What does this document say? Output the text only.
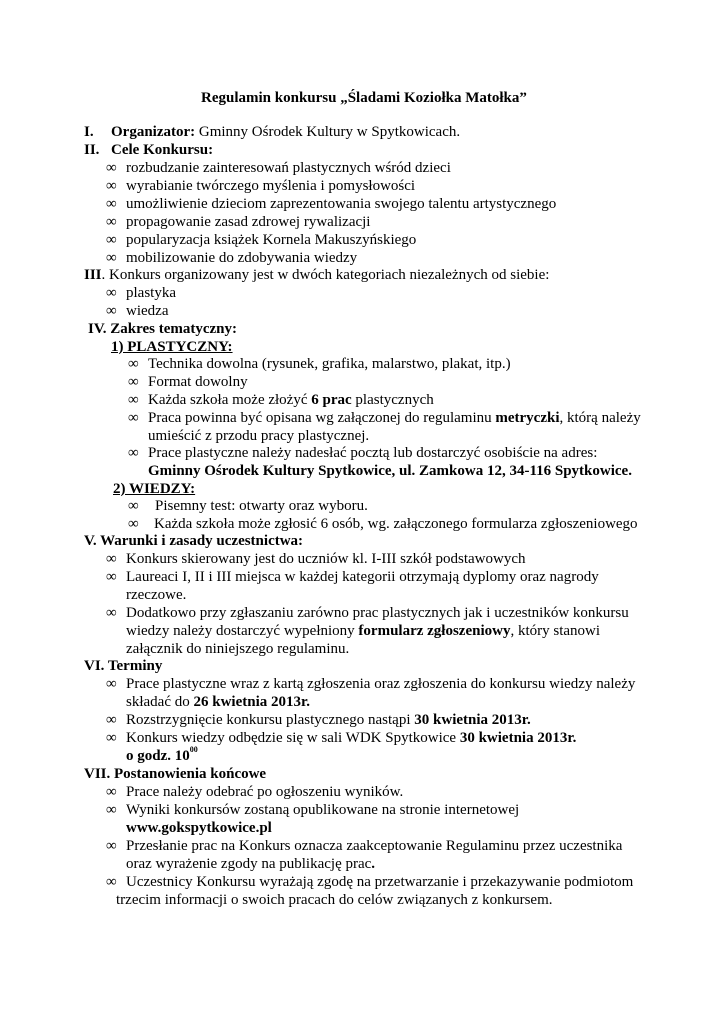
Regulamin konkursu „Śladami Koziołka Matołka”
I. Organizator: Gminny Ośrodek Kultury w Spytkowicach.
II. Cele Konkursu:
∞ rozbudzanie zainteresowań plastycznych wśród dzieci
∞ wyrabianie twórczego myślenia i pomysłowości
∞ umożliwienie dzieciom zaprezentowania swojego talentu artystycznego
∞ propagowanie zasad zdrowej rywalizacji
∞ popularyzacja książek Kornela Makuszyńskiego
∞ mobilizowanie do zdobywania wiedzy
III. Konkurs organizowany jest w dwóch kategoriach niezależnych od siebie:
∞ plastyka
∞ wiedza
IV. Zakres tematyczny:
1) PLASTYCZNY:
∞ Technika dowolna (rysunek, grafika, malarstwo, plakat, itp.)
∞ Format dowolny
∞ Każda szkoła może złożyć 6 prac plastycznych
∞ Praca powinna być opisana wg załączonej do regulaminu metryczki, którą należy
umieścić z przodu pracy plastycznej.
∞ Prace plastyczne należy nadesłać pocztą lub dostarczyć osobiście na adres:
Gminny Ośrodek Kultury Spytkowice, ul. Zamkowa 12, 34-116 Spytkowice.
2) WIEDZY:
∞ Pisemny test: otwarty oraz wyboru.
∞ Każda szkoła może zgłosić 6 osób, wg. załączonego formularza zgłoszeniowego
V. Warunki i zasady uczestnictwa:
∞ Konkurs skierowany jest do uczniów kl. I-III szkół podstawowych
∞ Laureaci I, II i III miejsca w każdej kategorii otrzymają dyplomy oraz nagrody
rzeczowe.
∞ Dodatkowo przy zgłaszaniu zarówno prac plastycznych jak i uczestników konkursu
wiedzy należy dostarczyć wypełniony formularz zgłoszeniowy, który stanowi
załącznik do niniejszego regulaminu.
VI. Terminy
∞ Prace plastyczne wraz z kartą zgłoszenia oraz zgłoszenia do konkursu wiedzy należy
składać do 26 kwietnia 2013r.
∞ Rozstrzygnięcie konkursu plastycznego nastąpi 30 kwietnia 2013r.
∞ Konkurs wiedzy odbędzie się w sali WDK Spytkowice 30 kwietnia 2013r.
o godz. $10^{00}$
VII. Postanowienia końcowe
∞ Prace należy odebrać po ogłoszeniu wyników.
∞ Wyniki konkursów zostaną opublikowane na stronie internetowej
www.gokspytkowice.pl
∞ Przesłanie prac na Konkurs oznacza zaakceptowanie Regulaminu przez uczestnika
oraz wyrażenie zgody na publikację prac.
∞ Uczestnicy Konkursu wyrażają zgodę na przetwarzanie i przekazywanie podmiotom
trzecim informacji o swoich pracach do celów związanych z konkursem.
